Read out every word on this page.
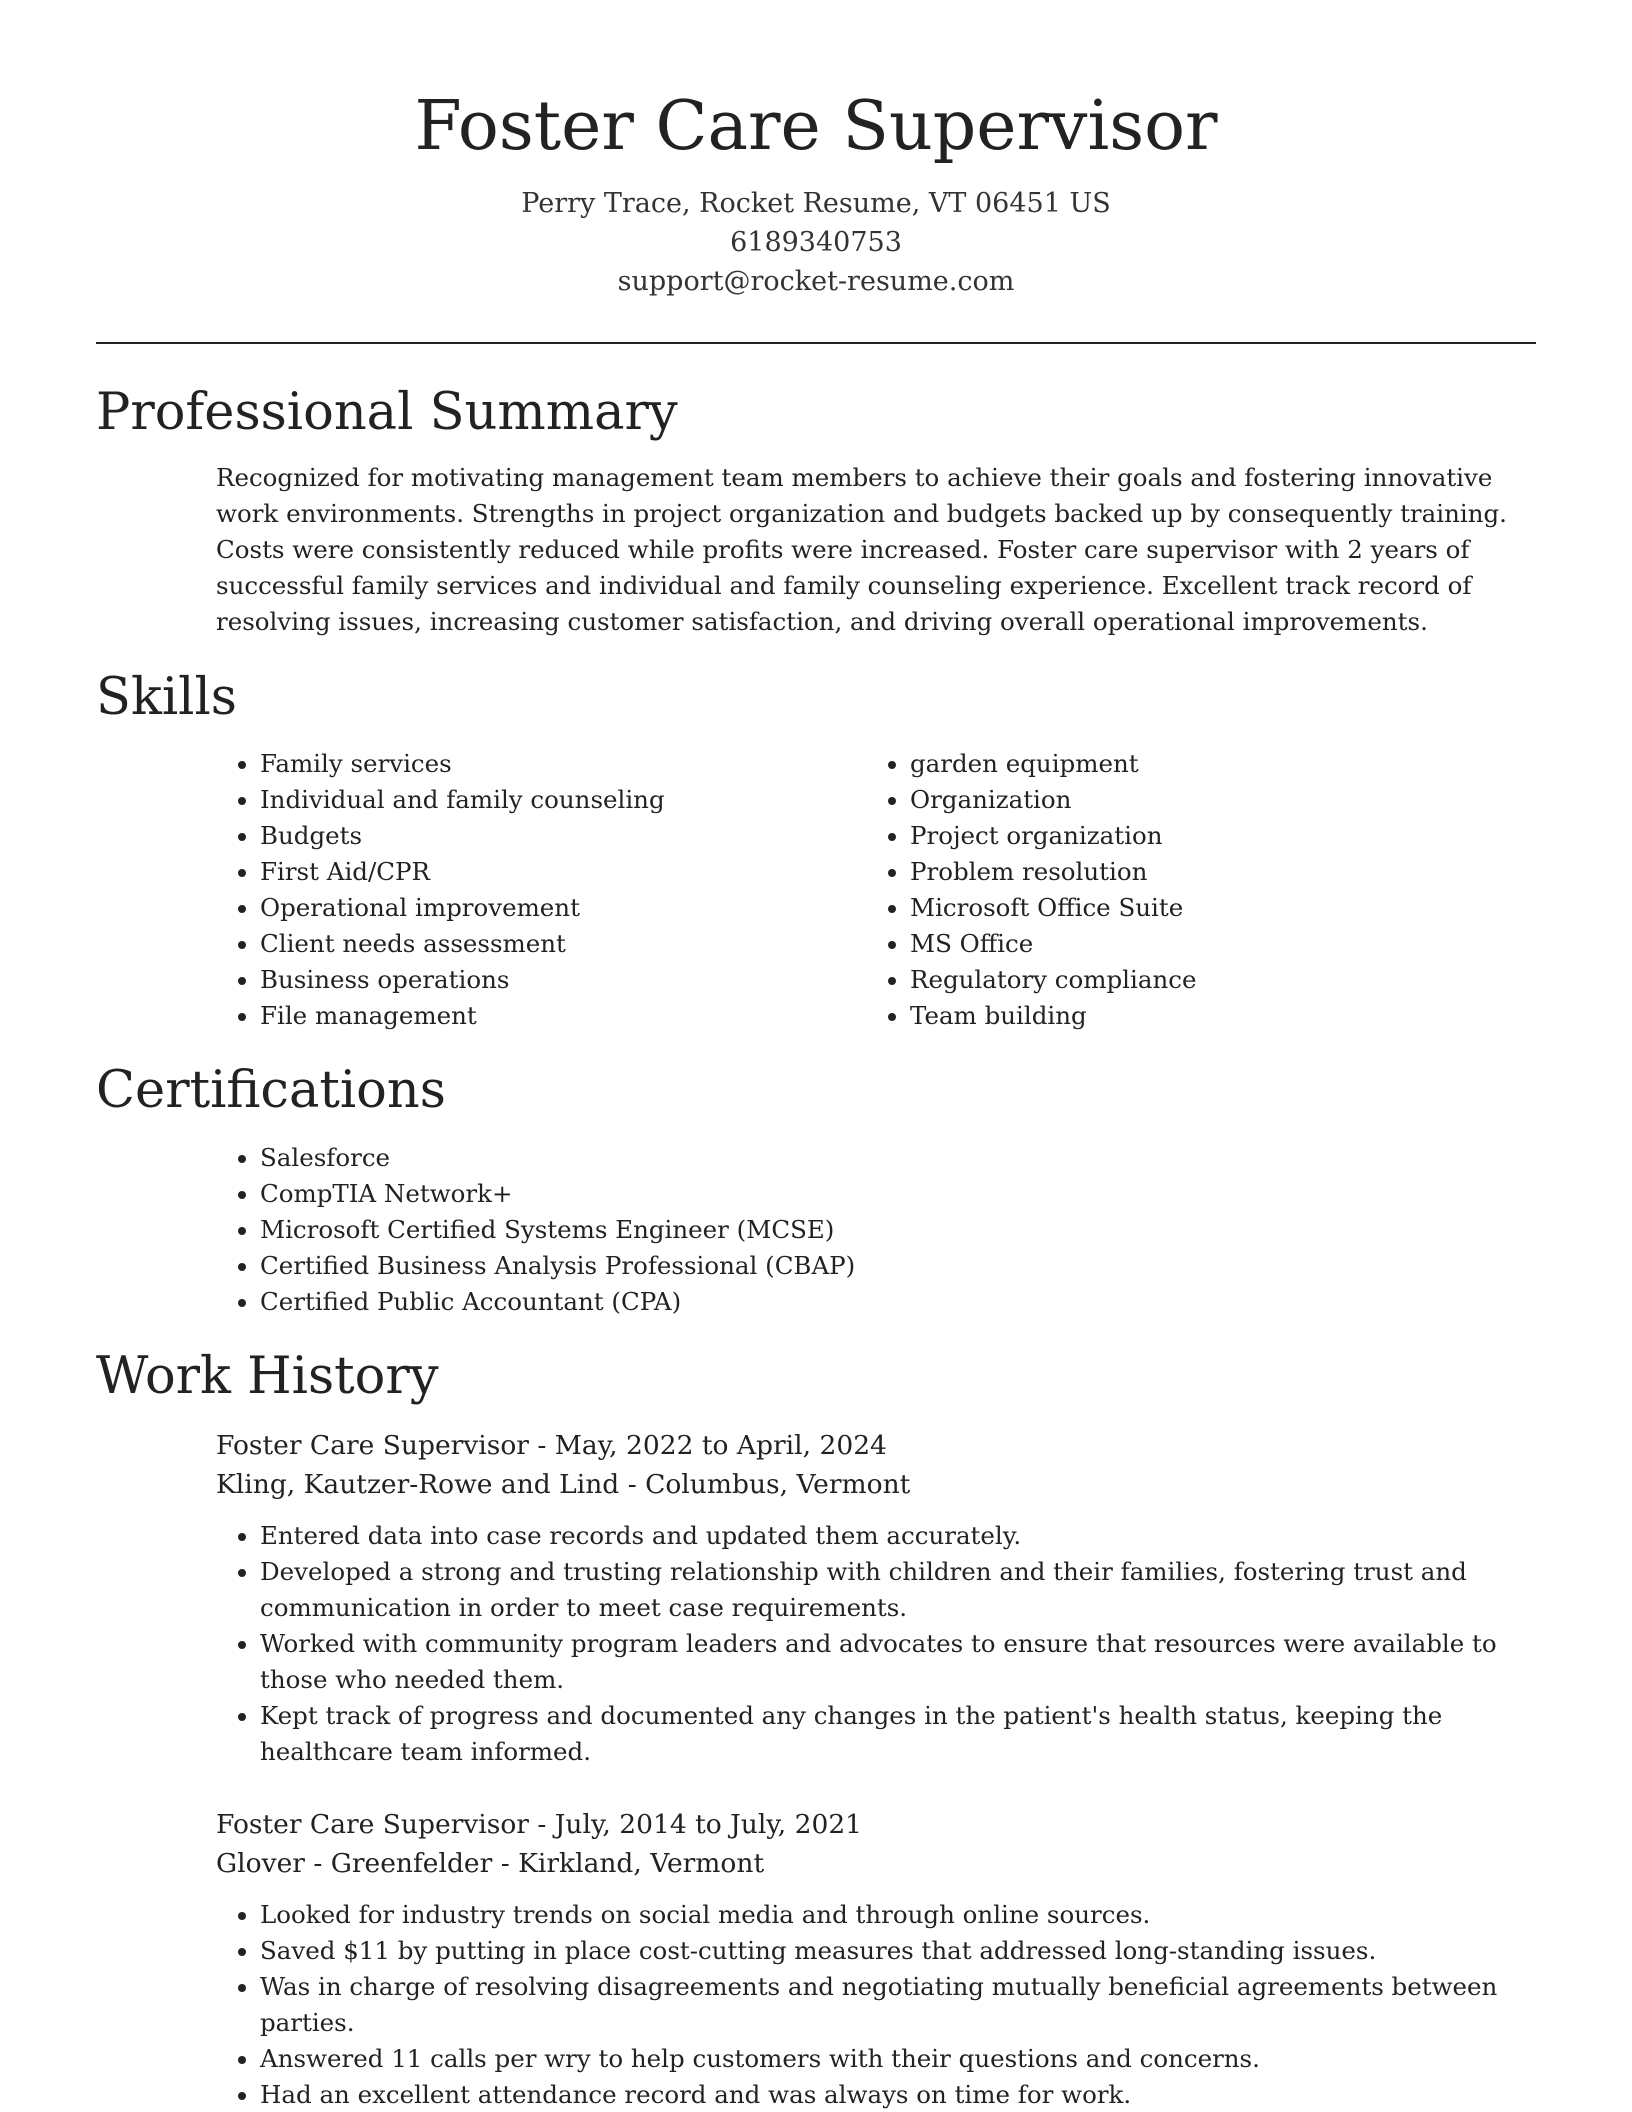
Foster Care Supervisor
Perry Trace, Rocket Resume, VT 06451 US
6189340753
support@rocket-resume.com
Professional Summary

Recognized for motivating management team members to achieve their goals and fostering innovative work environments. Strengths in project organization and budgets backed up by consequently training. Costs were consistently reduced while profits were increased. Foster care supervisor with 2 years of successful family services and individual and family counseling experience. Excellent track record of resolving issues, increasing customer satisfaction, and driving overall operational improvements.

Skills
• Family services
• Individual and family counseling
• Budgets
• First Aid/CPR
• Operational improvement
• Client needs assessment
• Business operations
• File management
• garden equipment
• Organization
• Project organization
• Problem resolution
• Microsoft Office Suite
• MS Office
• Regulatory compliance
• Team building
Certifications
• Salesforce
• CompTIA Network+
• Microsoft Certified Systems Engineer (MCSE)
• Certified Business Analysis Professional (CBAP)
• Certified Public Accountant (CPA)
Work History
Foster Care Supervisor - May, 2022 to April, 2024
Kling, Kautzer-Rowe and Lind - Columbus, Vermont
• Entered data into case records and updated them accurately.
• Developed a strong and trusting relationship with children and their families, fostering trust and communication in order to meet case requirements.
• Worked with community program leaders and advocates to ensure that resources were available to those who needed them.
• Kept track of progress and documented any changes in the patient's health status, keeping the healthcare team informed.
Foster Care Supervisor - July, 2014 to July, 2021
Glover - Greenfelder - Kirkland, Vermont
• Looked for industry trends on social media and through online sources.
• Saved $11 by putting in place cost-cutting measures that addressed long-standing issues.
• Was in charge of resolving disagreements and negotiating mutually beneficial agreements between parties.
• Answered 11 calls per wry to help customers with their questions and concerns.
• Had an excellent attendance record and was always on time for work.
